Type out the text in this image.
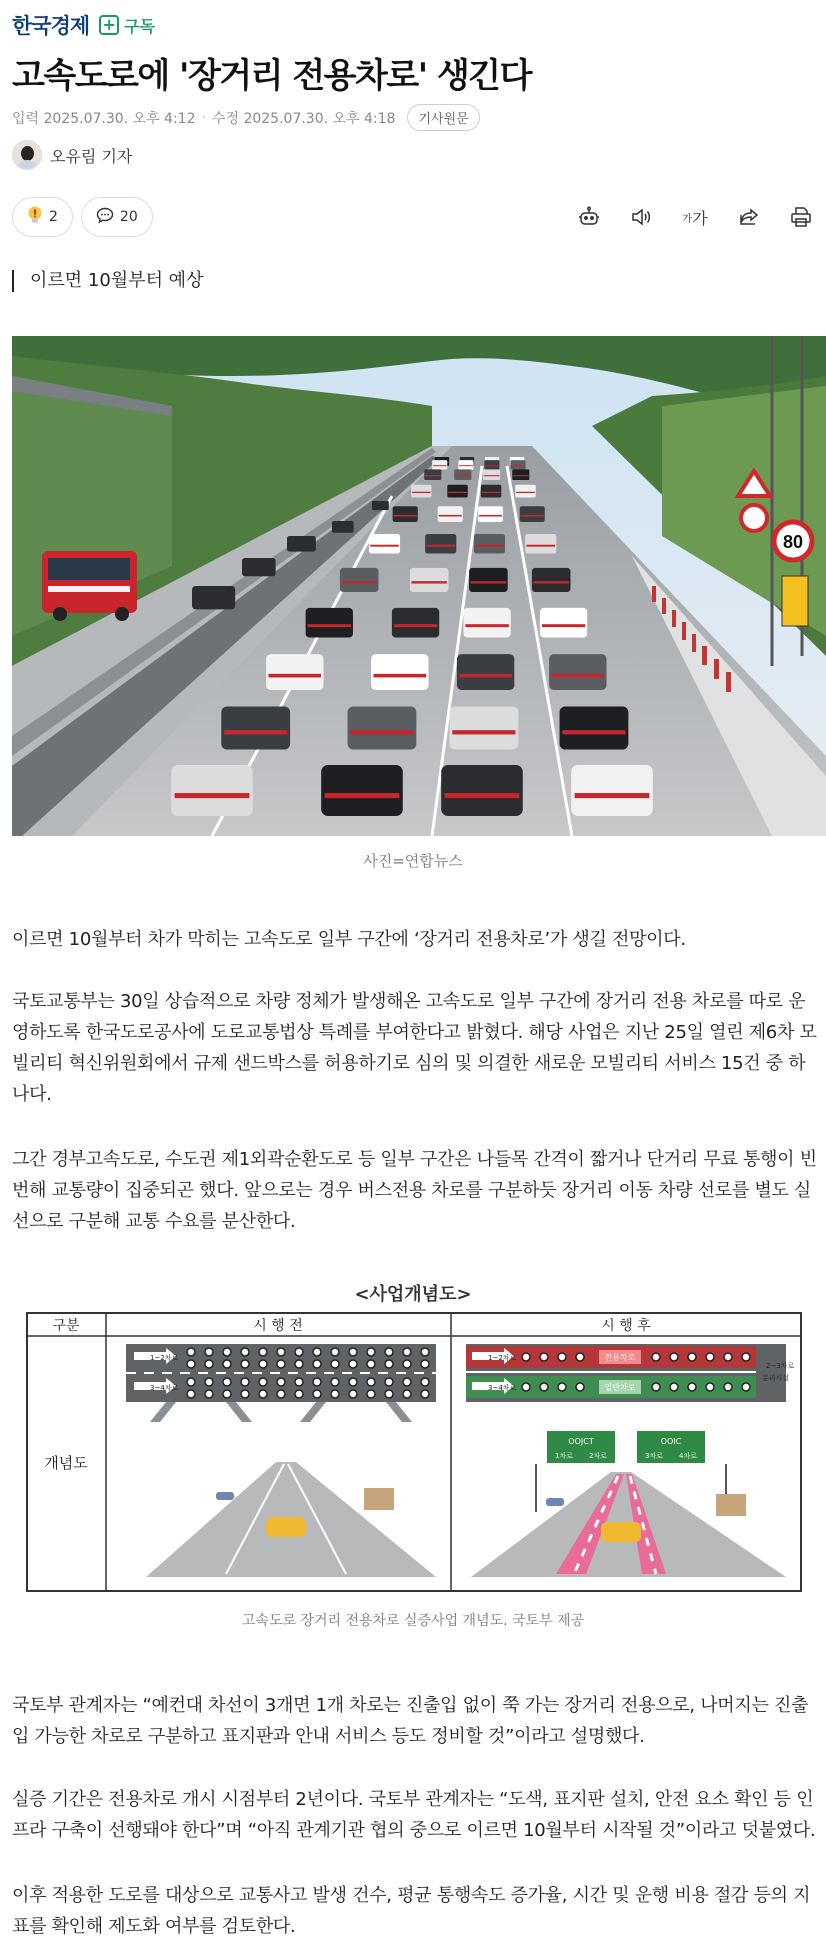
한국경제 + 구독
고속도로에 '장거리 전용차로' 생긴다
입력 2025.07.30. 오후 4:12 · 수정 2025.07.30. 오후 4:18	기사원문
오유림 기자
2	20	가 가
이르면 10월부터 예상
80

사진=연합뉴스

이르면 10월부터 차가 막히는 고속도로 일부 구간에 ‘장거리 전용차로’가 생길 전망이다.

국토교통부는 30일 상습적으로 차량 정체가 발생해온 고속도로 일부 구간에 장거리 전용 차로를 따로 운영하도록 한국도로공사에 도로교통법상 특례를 부여한다고 밝혔다. 해당 사업은 지난 25일 열린 제6차 모빌리티 혁신위원회에서 규제 샌드박스를 허용하기로 심의 및 의결한 새로운 모빌리티 서비스 15건 중 하나다.

그간 경부고속도로, 수도권 제1외곽순환도로 등 일부 구간은 나들목 간격이 짧거나 단거리 무료 통행이 빈번해 교통량이 집중되곤 했다. 앞으로는 경우 버스전용 차로를 구분하듯 장거리 이동 차량 선로를 별도 실선으로 구분해 교통 수요를 분산한다.

<사업개념도>

구분	시 행 전	시 행 후
개념도
1~2차로
3~4차로
1~2차로
3~4차로
전용차로
일반차로
2~3차로
분리시설
OOJCT	OOIC
1차로 2차로	3차로 4차로

고속도로 장거리 전용차로 실증사업 개념도. 국토부 제공

국토부 관계자는 “예컨대 차선이 3개면 1개 차로는 진출입 없이 쭉 가는 장거리 전용으로, 나머지는 진출입 가능한 차로로 구분하고 표지판과 안내 서비스 등도 정비할 것”이라고 설명했다.

실증 기간은 전용차로 개시 시점부터 2년이다. 국토부 관계자는 “도색, 표지판 설치, 안전 요소 확인 등 인프라 구축이 선행돼야 한다”며 “아직 관계기관 협의 중으로 이르면 10월부터 시작될 것”이라고 덧붙였다.

이후 적용한 도로를 대상으로 교통사고 발생 건수, 평균 통행속도 증가율, 시간 및 운행 비용 절감 등의 지표를 확인해 제도화 여부를 검토한다.
